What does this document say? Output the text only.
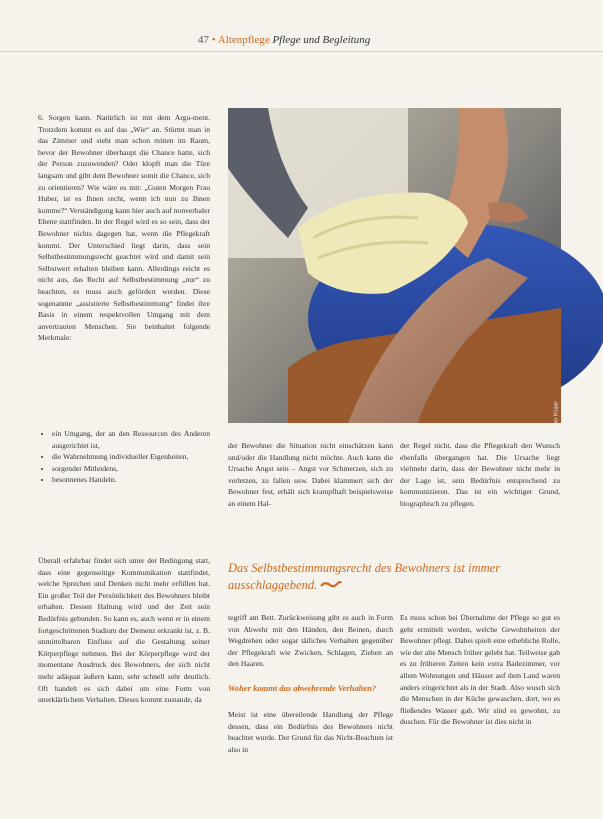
47 • Altenpflege Pflege und Begleitung

6. Sorgen kann. Natürlich ist mit dem Argu-ment. Trotzdem kommt es auf das „Wie“ an. Stürmt man in das Zimmer und steht man schon mitten im Raum, bevor der Bewohner überhaupt die Chance hatte, sich der Person zuzuwenden? Oder klopft man die Türe langsam und gibt dem Bewohner somit die Chance, sich zu orientieren? Wie wäre es mit: „Guten Morgen Frau Huber, ist es Ihnen recht, wenn ich nun zu Ihnen komme?“ Verständigung kann hier auch auf nonverbaler Ebene stattfinden. In der Regel wird es so sein, dass der Bewohner nichts dagegen hat, wenn die Pflegekraft kommt. Der Unterschied liegt darin, dass sein Selbstbestimmungsrecht geachtet wird und damit sein Selbstwert erhalten bleiben kann. Allerdings reicht es nicht aus, das Recht auf Selbstbestimmung „nur“ zu beachten, es muss auch gefördert werden. Diese sogenannte „assistierte Selbstbestimmung“ findet ihre Basis in einem respektvollen Umgang mit dem anvertrauten Menschen. Sie beinhaltet folgende Merkmale:

• ein Umgang, der an den Ressourcen des Anderen ausgerichtet ist,
• die Wahrnehmung individueller Eigenheiten,
• sorgender Mitleidens,
• besonnenes Handeln.

Überall erfahrbar findet sich unter der Bedingung statt, dass eine gegenseitige Kommunikation stattfindet, welche Sprechen und Denken nicht mehr erfüllen hat. Ein großer Teil der Persönlichkeit des Bewohners bleibt erhalten. Dessen Haltung wird und der Zeit sein Bedürfnis gebunden. So kann es, auch wenn er in einem fortgeschrittenen Stadium der Demenz erkrankt ist, z. B. unmittelbaren Einfluss auf die Gestaltung seiner Körperpflege nehmen. Bei der Körperpflege wird der momentane Ausdruck des Bewohners, der sich nicht mehr adäquat äußern kann, sehr schnell sehr deutlich. Oft handelt es sich dabei um eine Form von unerklärlichem Verhalten. Dieses kommt zustande, da

Foto: Werner Krüper

der Bewohner die Situation nicht einschätzen kann und/oder die Handlung nicht möchte. Auch kann die Ursache Angst sein – Angst vor Schmerzen, sich zu verletzen, zu fallen usw. Dabei klammert sich der Bewohner fest, erhält sich krampfhaft beispielsweise an einem Hal-

der Regel nicht, dass die Pflegekraft den Wunsch ebenfalls übergangen hat. Die Ursache liegt vielmehr darin, dass der Bewohner nicht mehr in der Lage ist, sein Bedürfnis entsprechend zu kommunizieren. Das ist ein wichtiger Grund, biographisch zu pflegen.

Das Selbstbestimmungsrecht des Bewohners ist immer ausschlaggebend.

tegriff am Bett. Zurückweisung gibt es auch in Form von Abwehr mit den Händen, den Beinen, durch Wegdrehen oder sogar tätliches Verhalten gegenüber der Pflegekraft wie Zwicken, Schlagen, Ziehen an den Haaren.

Woher kommt das abwehrende Verhalten?

Meist ist eine übereilende Handlung der Pflege dessen, dass ein Bedürfnis des Bewohners nicht beachtet wurde. Der Grund für das Nicht-Beachten ist also in

Es muss schon bei Übernahme der Pflege so gut es geht ermittelt werden, welche Gewohnheiten der Bewohner pflegt. Dabei spielt eine erhebliche Rolle, wie der alte Mensch früher gelebt hat. Teilweise gab es zu früheren Zeiten kein extra Badezimmer, vor allem Wohnungen und Häuser auf dem Land waren anders eingerichtet als in der Stadt. Also wusch sich die Menschen in der Küche gewaschen, dort, wo es fließendes Wasser gab. Wir sind es gewohnt, zu duschen. Für die Bewohner ist dies nicht in
